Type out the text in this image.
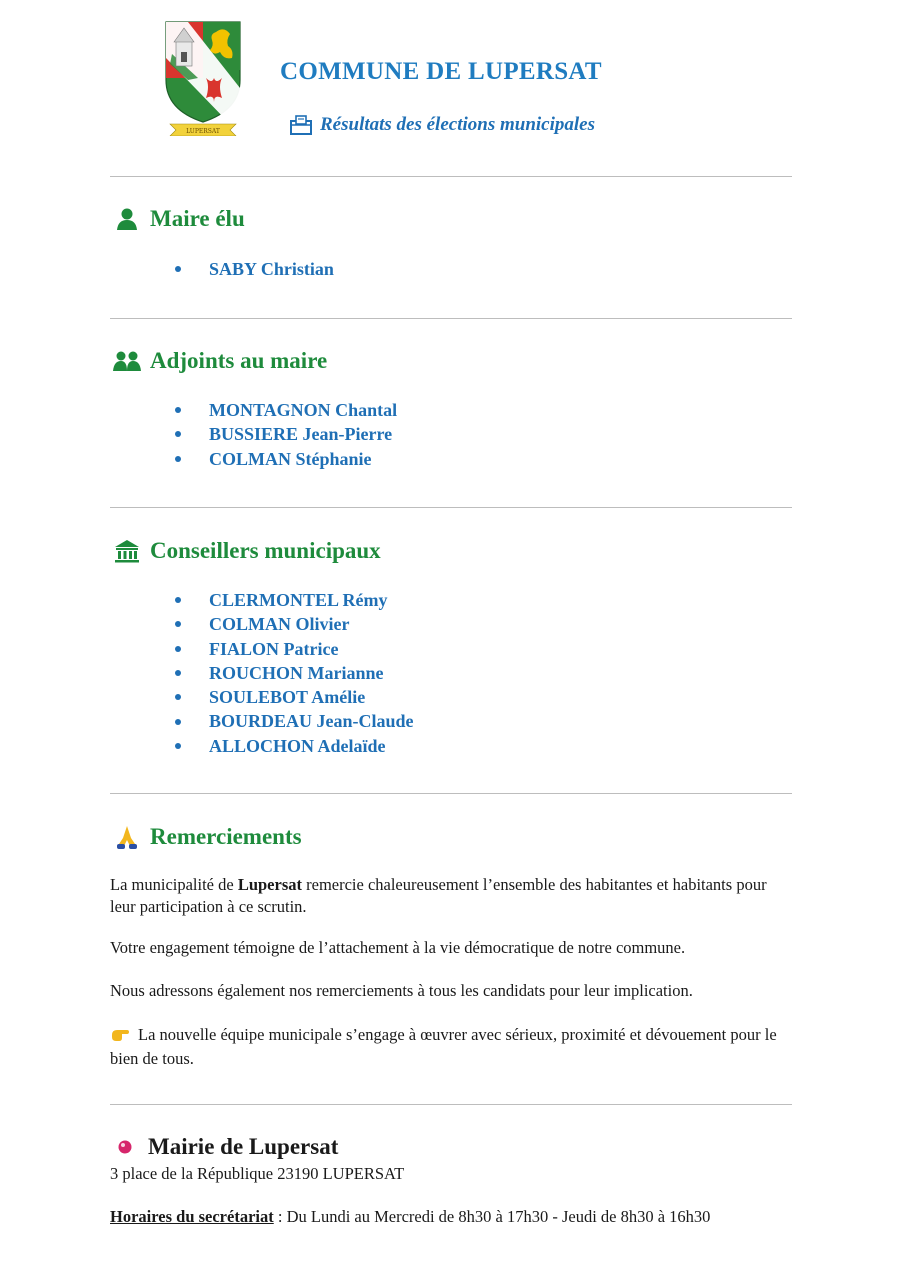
LUPERSAT
COMMUNE DE LUPERSAT
Résultats des élections municipales
Maire élu
SABY Christian
Adjoints au maire
MONTAGNON Chantal
BUSSIERE Jean-Pierre
COLMAN Stéphanie
Conseillers municipaux
CLERMONTEL Rémy
COLMAN Olivier
FIALON Patrice
ROUCHON Marianne
SOULEBOT Amélie
BOURDEAU Jean-Claude
ALLOCHON Adelaïde
Remerciements

La municipalité de Lupersat remercie chaleureusement l’ensemble des habitantes et habitants pour leur participation à ce scrutin.

Votre engagement témoigne de l’attachement à la vie démocratique de notre commune.

Nous adressons également nos remerciements à tous les candidats pour leur implication.

La nouvelle équipe municipale s’engage à œuvrer avec sérieux, proximité et dévouement pour le bien de tous.

Mairie de Lupersat
3 place de la République 23190 LUPERSAT
Horaires du secrétariat : Du Lundi au Mercredi de 8h30 à 17h30 - Jeudi de 8h30 à 16h30
